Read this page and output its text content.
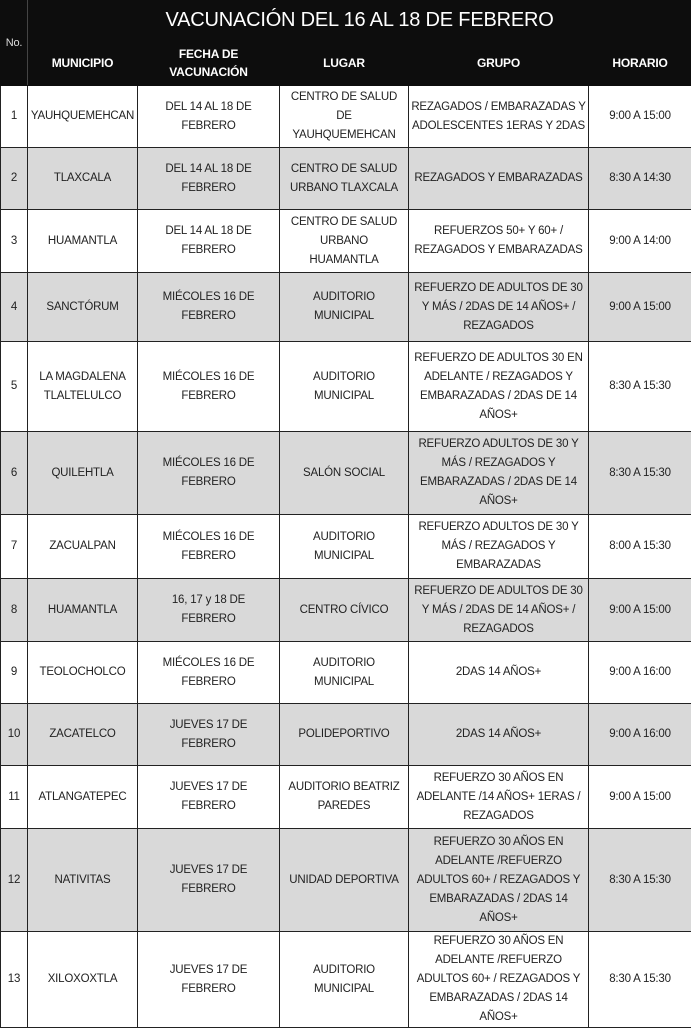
No.	VACUNACIÓN DEL 16 AL 18 DE FEBRERO				
	MUNICIPIO	FECHA DE VACUNACIÓN	LUGAR	GRUPO	HORARIO
1	YAUHQUEMEHCAN	DEL 14 AL 18 DE FEBRERO	CENTRO DE SALUD DE YAUHQUEMEHCAN	REZAGADOS / EMBARAZADAS Y ADOLESCENTES 1ERAS Y 2DAS	9:00 A 15:00
2	TLAXCALA	DEL 14 AL 18 DE FEBRERO	CENTRO DE SALUD URBANO TLAXCALA	REZAGADOS Y EMBARAZADAS	8:30 A 14:30
3	HUAMANTLA	DEL 14 AL 18 DE FEBRERO	CENTRO DE SALUD URBANO HUAMANTLA	REFUERZOS 50+ Y 60+ / REZAGADOS Y EMBARAZADAS	9:00 A 14:00
4	SANCTÓRUM	MIÉCOLES 16 DE FEBRERO	AUDITORIO MUNICIPAL	REFUERZO DE ADULTOS DE 30 Y MÁS / 2DAS DE 14 AÑOS+ / REZAGADOS	9:00 A 15:00
5	LA MAGDALENA TLALTELULCO	MIÉCOLES 16 DE FEBRERO	AUDITORIO MUNICIPAL	REFUERZO DE ADULTOS 30 EN ADELANTE / REZAGADOS Y EMBARAZADAS / 2DAS DE 14 AÑOS+	8:30 A 15:30
6	QUILEHTLA	MIÉCOLES 16 DE FEBRERO	SALÓN SOCIAL	REFUERZO ADULTOS DE 30 Y MÁS / REZAGADOS Y EMBARAZADAS / 2DAS DE 14 AÑOS+	8:30 A 15:30
7	ZACUALPAN	MIÉCOLES 16 DE FEBRERO	AUDITORIO MUNICIPAL	REFUERZO ADULTOS DE 30 Y MÁS / REZAGADOS Y EMBARAZADAS	8:00 A 15:30
8	HUAMANTLA	16, 17 y 18 DE FEBRERO	CENTRO CÍVICO	REFUERZO DE ADULTOS DE 30 Y MÁS / 2DAS DE 14 AÑOS+ / REZAGADOS	9:00 A 15:00
9	TEOLOCHOLCO	MIÉCOLES 16 DE FEBRERO	AUDITORIO MUNICIPAL	2DAS 14 AÑOS+	9:00 A 16:00
10	ZACATELCO	JUEVES 17 DE FEBRERO	POLIDEPORTIVO	2DAS 14 AÑOS+	9:00 A 16:00
11	ATLANGATEPEC	JUEVES 17 DE FEBRERO	AUDITORIO BEATRIZ PAREDES	REFUERZO 30 AÑOS EN ADELANTE /14 AÑOS+ 1ERAS / REZAGADOS	9:00 A 15:00
12	NATIVITAS	JUEVES 17 DE FEBRERO	UNIDAD DEPORTIVA	REFUERZO 30 AÑOS EN ADELANTE /REFUERZO ADULTOS 60+ / REZAGADOS Y EMBARAZADAS / 2DAS 14 AÑOS+	8:30 A 15:30
13	XILOXOXTLA	JUEVES 17 DE FEBRERO	AUDITORIO MUNICIPAL	REFUERZO 30 AÑOS EN ADELANTE /REFUERZO ADULTOS 60+ / REZAGADOS Y EMBARAZADAS / 2DAS 14 AÑOS+	8:30 A 15:30
